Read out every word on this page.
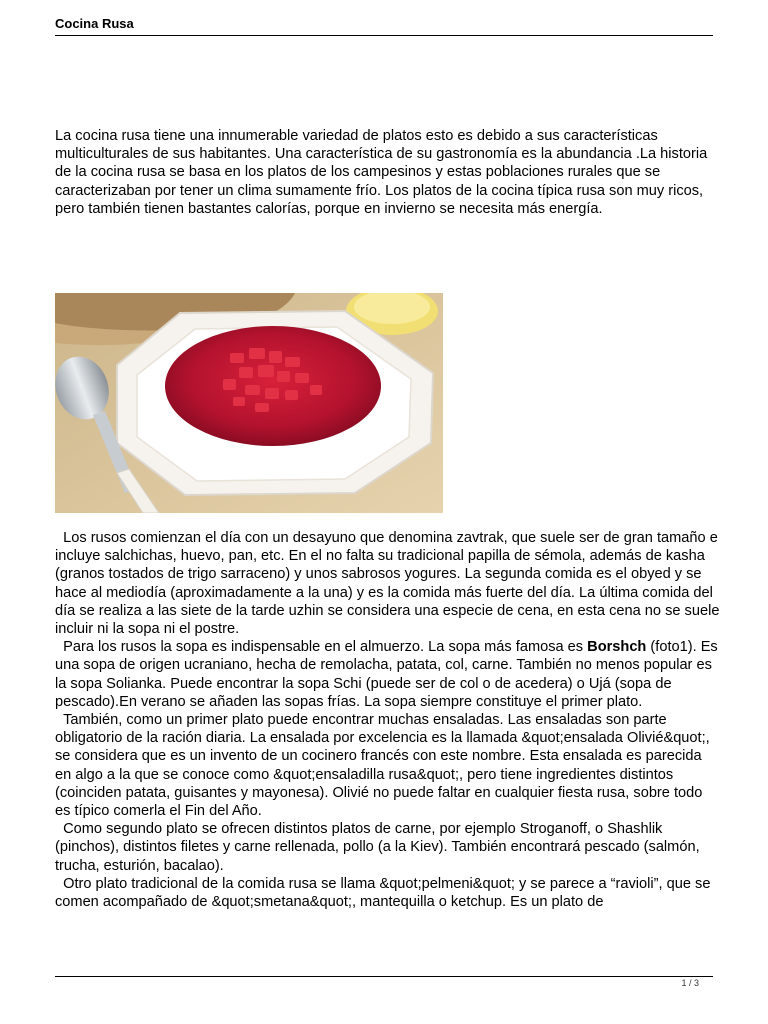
Cocina Rusa

La cocina rusa tiene una innumerable variedad de platos esto es debido a sus características multiculturales de sus habitantes. Una característica de su gastronomía es la abundancia .La historia de la cocina rusa se basa en los platos de los campesinos y estas poblaciones rurales que se caracterizaban por tener un clima sumamente frío. Los platos de la cocina típica rusa son muy ricos, pero también tienen bastantes calorías, porque en invierno se necesita más energía.

Los rusos comienzan el día con un desayuno que denomina zavtrak, que suele ser de gran tamaño e incluye salchichas, huevo, pan, etc. En el no falta su tradicional papilla de sémola, además de kasha (granos tostados de trigo sarraceno) y unos sabrosos yogures. La segunda comida es el obyed y se hace al mediodía (aproximadamente a la una) y es la comida más fuerte del día. La última comida del día se realiza a las siete de la tarde uzhin se considera una especie de cena, en esta cena no se suele incluir ni la sopa ni el postre.

Para los rusos la sopa es indispensable en el almuerzo. La sopa más famosa es Borshch (foto1). Es una sopa de origen ucraniano, hecha de remolacha, patata, col, carne. También no menos popular es la sopa Solianka. Puede encontrar la sopa Schi (puede ser de col o de acedera) o Ujá (sopa de pescado).En verano se añaden las sopas frías. La sopa siempre constituye el primer plato.

También, como un primer plato puede encontrar muchas ensaladas. Las ensaladas son parte obligatorio de la ración diaria. La ensalada por excelencia es la llamada &quot;ensalada Olivié&quot;, se considera que es un invento de un cocinero francés con este nombre. Esta ensalada es parecida en algo a la que se conoce como &quot;ensaladilla rusa&quot;, pero tiene ingredientes distintos (coinciden patata, guisantes y mayonesa). Olivié no puede faltar en cualquier fiesta rusa, sobre todo es típico comerla el Fin del Año.

Como segundo plato se ofrecen distintos platos de carne, por ejemplo Stroganoff, o Shashlik (pinchos), distintos filetes y carne rellenada, pollo (a la Kiev). También encontrará pescado (salmón, trucha, esturión, bacalao).

Otro plato tradicional de la comida rusa se llama &quot;pelmeni&quot; y se parece a “ravioli”, que se comen acompañado de &quot;smetana&quot;, mantequilla o ketchup. Es un plato de

1 / 3
